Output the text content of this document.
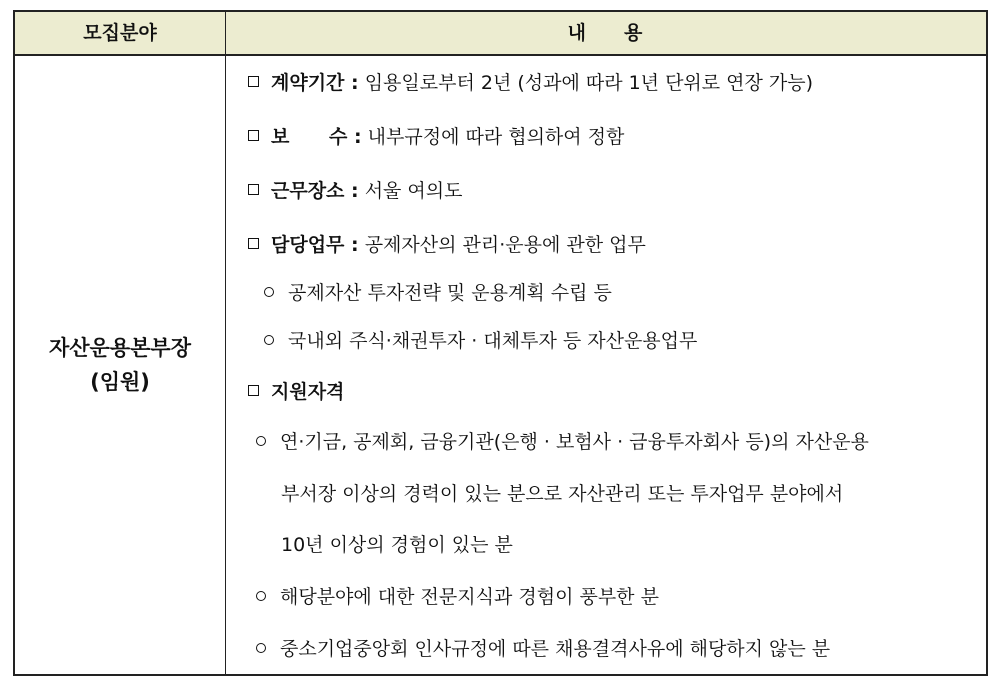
모집분야	내 용
자산운용본부장
(임원)
계약기간 : 임용일로부터 2년 (성과에 따라 1년 단위로 연장 가능)
보      수 : 내부규정에 따라 협의하여 정함
근무장소 : 서울 여의도
담당업무 : 공제자산의 관리·운용에 관한 업무
공제자산 투자전략 및 운용계획 수립 등
국내외 주식·채권투자 · 대체투자 등 자산운용업무
지원자격
연·기금, 공제회, 금융기관(은행 · 보험사 · 금융투자회사 등)의 자산운용
부서장 이상의 경력이 있는 분으로 자산관리 또는 투자업무 분야에서
10년 이상의 경험이 있는 분
해당분야에 대한 전문지식과 경험이 풍부한 분
중소기업중앙회 인사규정에 따른 채용결격사유에 해당하지 않는 분
